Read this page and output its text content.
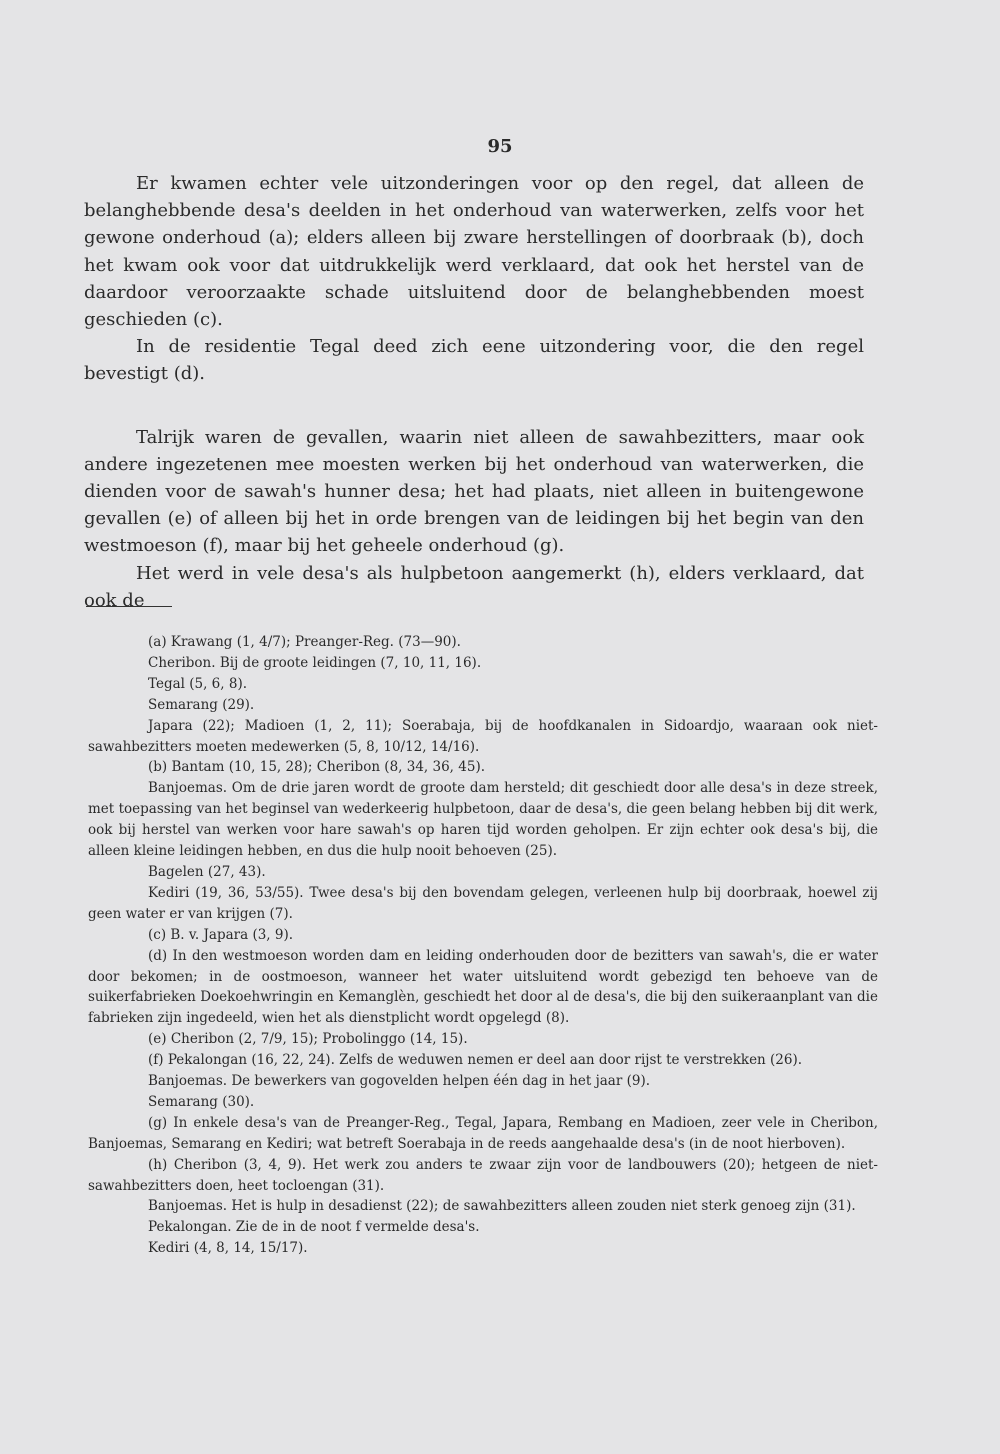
95

Er kwamen echter vele uitzonderingen voor op den regel, dat alleen de belanghebbende desa's deelden in het onderhoud van waterwerken, zelfs voor het gewone onderhoud (a); elders alleen bij zware herstellingen of doorbraak (b), doch het kwam ook voor dat uitdrukkelijk werd verklaard, dat ook het herstel van de daardoor veroorzaakte schade uitsluitend door de belanghebbenden moest geschieden (c).

In de residentie Tegal deed zich eene uitzondering voor, die den regel bevestigt (d).

Talrijk waren de gevallen, waarin niet alleen de sawahbezitters, maar ook andere ingezetenen mee moesten werken bij het onderhoud van waterwerken, die dienden voor de sawah's hunner desa; het had plaats, niet alleen in buitengewone gevallen (e) of alleen bij het in orde brengen van de leidingen bij het begin van den westmoeson (f), maar bij het geheele onderhoud (g).

Het werd in vele desa's als hulpbetoon aangemerkt (h), elders verklaard, dat ook de

(a) Krawang (1, 4/7); Preanger-Reg. (73—90).

Cheribon. Bij de groote leidingen (7, 10, 11, 16).

Tegal (5, 6, 8).

Semarang (29).

Japara (22); Madioen (1, 2, 11); Soerabaja, bij de hoofdkanalen in Sidoardjo, waaraan ook niet-sawahbezitters moeten medewerken (5, 8, 10/12, 14/16).

(b) Bantam (10, 15, 28); Cheribon (8, 34, 36, 45).

Banjoemas. Om de drie jaren wordt de groote dam hersteld; dit geschiedt door alle desa's in deze streek, met toepassing van het beginsel van wederkeerig hulpbetoon, daar de desa's, die geen belang hebben bij dit werk, ook bij herstel van werken voor hare sawah's op haren tijd worden geholpen. Er zijn echter ook desa's bij, die alleen kleine leidingen hebben, en dus die hulp nooit behoeven (25).

Bagelen (27, 43).

Kediri (19, 36, 53/55). Twee desa's bij den bovendam gelegen, verleenen hulp bij doorbraak, hoewel zij geen water er van krijgen (7).

(c) B. v. Japara (3, 9).

(d) In den westmoeson worden dam en leiding onderhouden door de bezitters van sawah's, die er water door bekomen; in de oostmoeson, wanneer het water uitsluitend wordt gebezigd ten behoeve van de suikerfabrieken Doekoehwringin en Kemanglèn, geschiedt het door al de desa's, die bij den suikeraanplant van die fabrieken zijn ingedeeld, wien het als dienstplicht wordt opgelegd (8).

(e) Cheribon (2, 7/9, 15); Probolinggo (14, 15).

(f) Pekalongan (16, 22, 24). Zelfs de weduwen nemen er deel aan door rijst te verstrekken (26).

Banjoemas. De bewerkers van gogovelden helpen één dag in het jaar (9).

Semarang (30).

(g) In enkele desa's van de Preanger-Reg., Tegal, Japara, Rembang en Madioen, zeer vele in Cheribon, Banjoemas, Semarang en Kediri; wat betreft Soerabaja in de reeds aangehaalde desa's (in de noot hierboven).

(h) Cheribon (3, 4, 9). Het werk zou anders te zwaar zijn voor de landbouwers (20); hetgeen de niet-sawahbezitters doen, heet tocloengan (31).

Banjoemas. Het is hulp in desadienst (22); de sawahbezitters alleen zouden niet sterk genoeg zijn (31).

Pekalongan. Zie de in de noot f vermelde desa's.

Kediri (4, 8, 14, 15/17).
